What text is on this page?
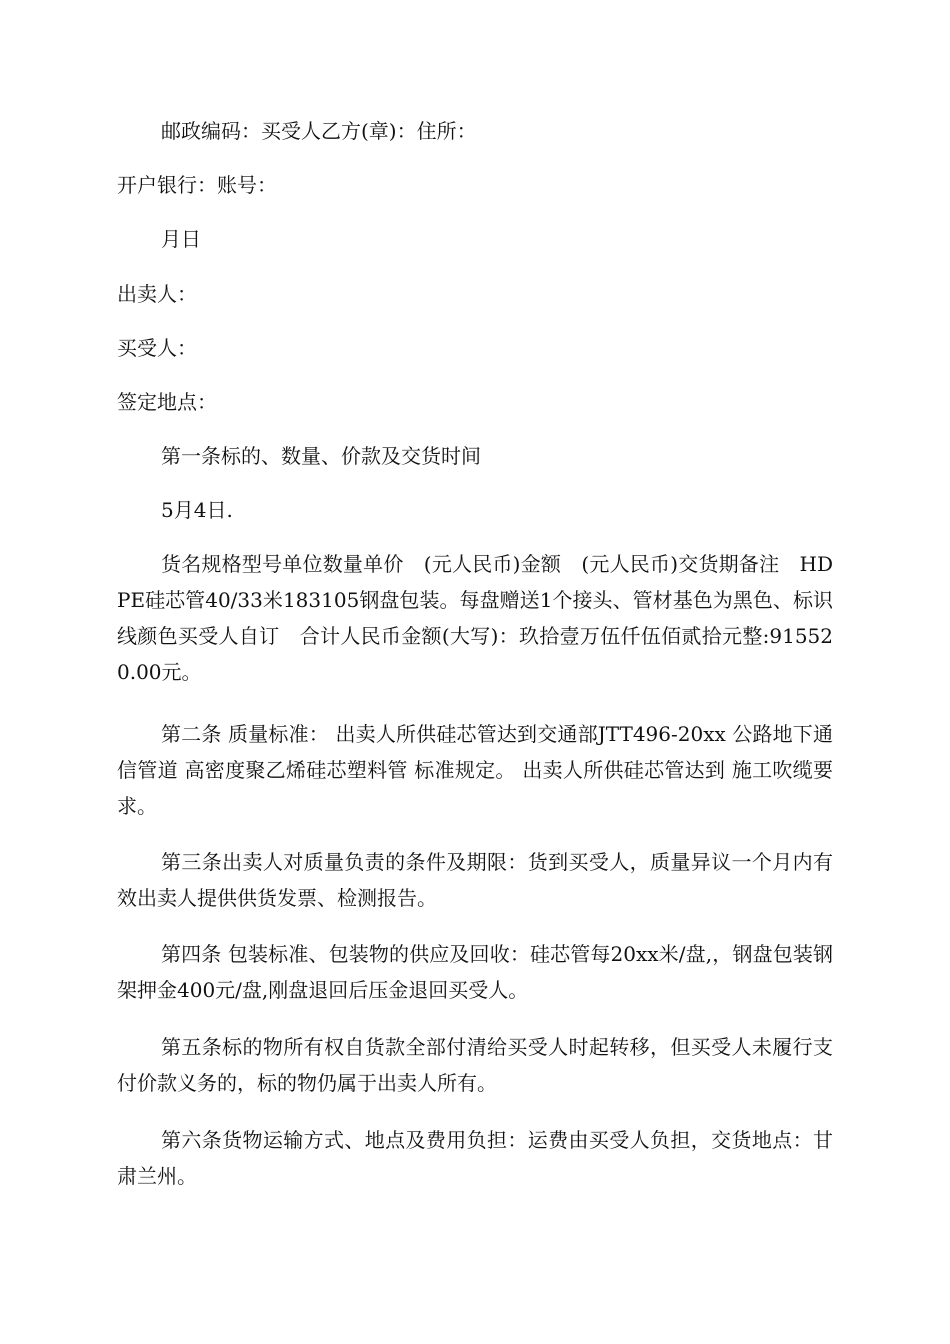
邮政编码：买受人乙方(章)：住所：
开户银行：账号：
月日
出卖人：
买受人：
签定地点：
第一条标的、数量、价款及交货时间
5月4日.
货名规格型号单位数量单价　(元人民币)金额　(元人民币)交货期备注　HDPE硅芯管40/33米183105钢盘包装。每盘赠送1个接头、管材基色为黑色、标识线颜色买受人自订　合计人民币金额(大写)：玖拾壹万伍仟伍佰贰拾元整:915520.00元。
第二条 质量标准： 出卖人所供硅芯管达到交通部JTT496-20xx 公路地下通信管道 高密度聚乙烯硅芯塑料管 标准规定。 出卖人所供硅芯管达到 施工吹缆要求。
第三条出卖人对质量负责的条件及期限：货到买受人，质量异议一个月内有效出卖人提供供货发票、检测报告。
第四条 包装标准、包装物的供应及回收：硅芯管每20xx米/盘,，钢盘包装钢架押金400元/盘,刚盘退回后压金退回买受人。
第五条标的物所有权自货款全部付清给买受人时起转移，但买受人未履行支付价款义务的，标的物仍属于出卖人所有。
第六条货物运输方式、地点及费用负担：运费由买受人负担，交货地点：甘肃兰州。
